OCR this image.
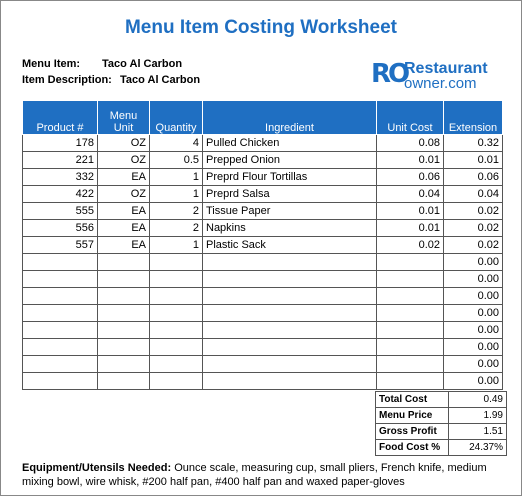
Menu Item Costing Worksheet
Menu Item: Taco Al Carbon
Item Description: Taco Al Carbon	RO
Restaurant
owner.com
Product #	Menu Unit	Quantity	Ingredient	Unit Cost	Extension
178	OZ	4	Pulled Chicken	0.08	0.32
221	OZ	0.5	Prepped Onion	0.01	0.01
332	EA	1	Preprd Flour Tortillas	0.06	0.06
422	OZ	1	Preprd Salsa	0.04	0.04
555	EA	2	Tissue Paper	0.01	0.02
556	EA	2	Napkins	0.01	0.02
557	EA	1	Plastic Sack	0.02	0.02
					0.00
					0.00
					0.00
					0.00
					0.00
					0.00
					0.00
					0.00
Total Cost	0.49
Menu Price	1.99
Gross Profit	1.51
Food Cost %	24.37%
Equipment/Utensils Needed: Ounce scale, measuring cup, small pliers, French knife, medium mixing bowl, wire whisk, #200 half pan, #400 half pan and waxed paper-gloves
